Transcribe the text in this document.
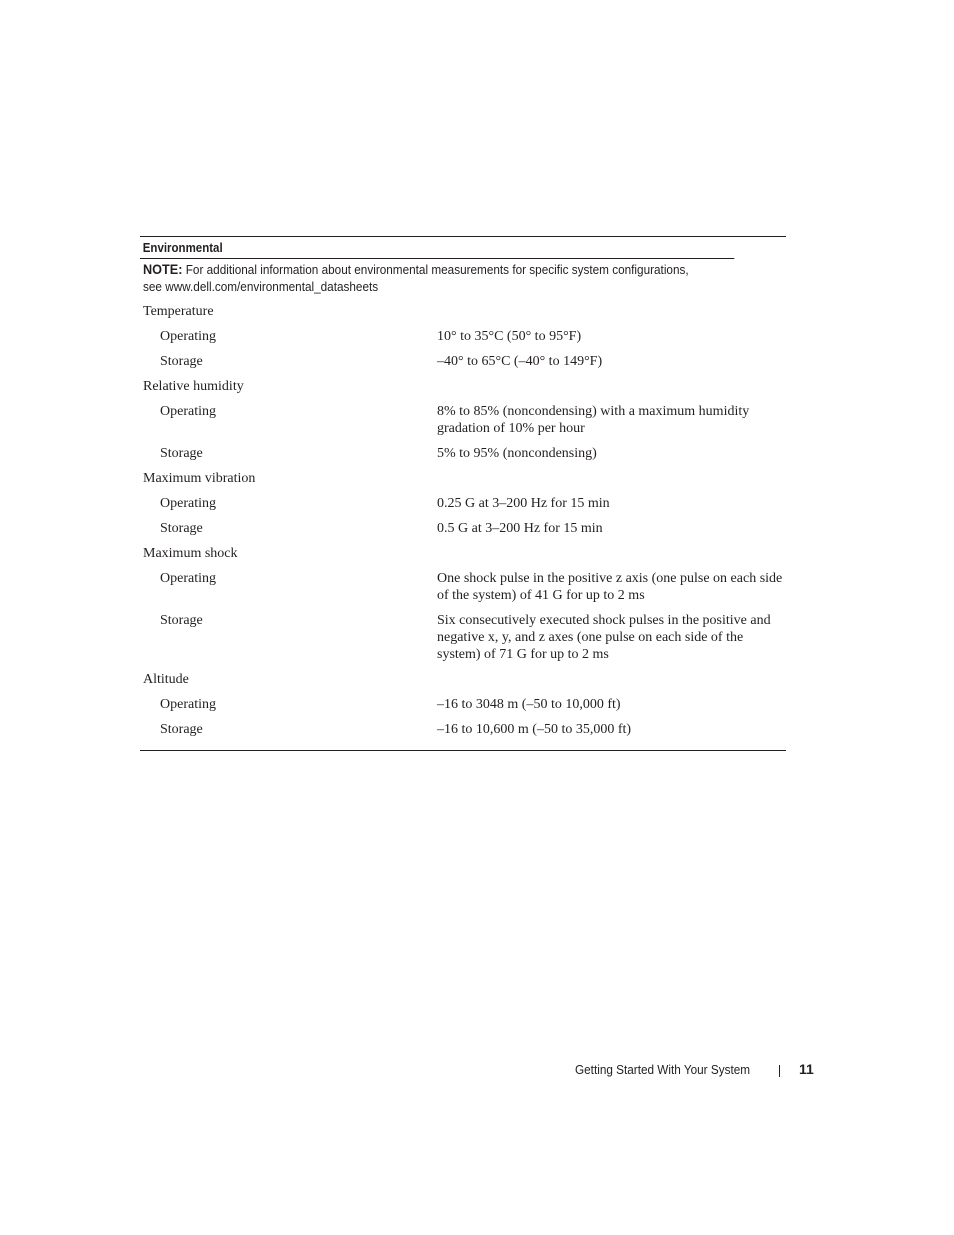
Environmental
NOTE: For additional information about environmental measurements for specific system configurations,
see www.dell.com/environmental_datasheets
Temperature
Operating	10° to 35°C (50° to 95°F)
Storage	–40° to 65°C (–40° to 149°F)
Relative humidity
Operating	8% to 85% (noncondensing) with a maximum humidity gradation of 10% per hour
Storage	5% to 95% (noncondensing)
Maximum vibration
Operating	0.25 G at 3–200 Hz for 15 min
Storage	0.5 G at 3–200 Hz for 15 min
Maximum shock
Operating	One shock pulse in the positive z axis (one pulse on each side of the system) of 41 G for up to 2 ms
Storage	Six consecutively executed shock pulses in the positive and negative x, y, and z axes (one pulse on each side of the system) of 71 G for up to 2 ms
Altitude
Operating	–16 to 3048 m (–50 to 10,000 ft)
Storage	–16 to 10,600 m (–50 to 35,000 ft)
Getting Started With Your System	11
